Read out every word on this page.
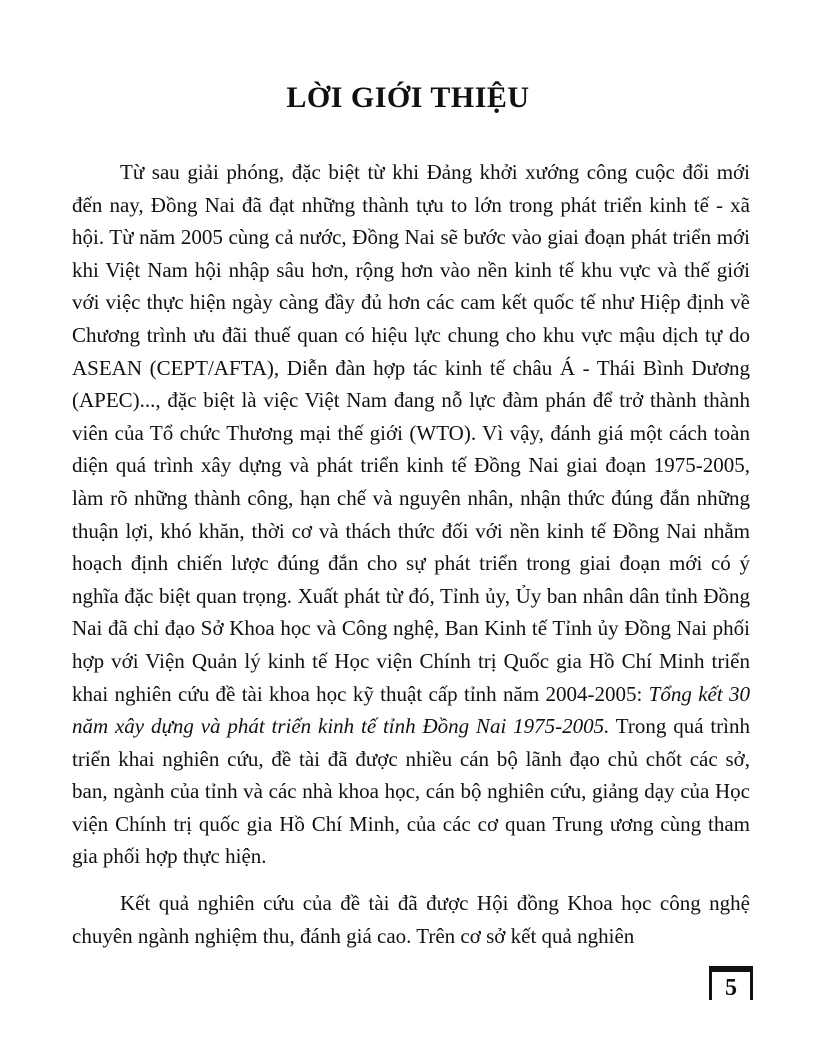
LỜI GIỚI THIỆU

Từ sau giải phóng, đặc biệt từ khi Đảng khởi xướng công cuộc đổi mới đến nay, Đồng Nai đã đạt những thành tựu to lớn trong phát triển kinh tế - xã hội. Từ năm 2005 cùng cả nước, Đồng Nai sẽ bước vào giai đoạn phát triển mới khi Việt Nam hội nhập sâu hơn, rộng hơn vào nền kinh tế khu vực và thế giới với việc thực hiện ngày càng đầy đủ hơn các cam kết quốc tế như Hiệp định về Chương trình ưu đãi thuế quan có hiệu lực chung cho khu vực mậu dịch tự do ASEAN (CEPT/AFTA), Diễn đàn hợp tác kinh tế châu Á - Thái Bình Dương (APEC)..., đặc biệt là việc Việt Nam đang nỗ lực đàm phán để trở thành thành viên của Tổ chức Thương mại thế giới (WTO). Vì vậy, đánh giá một cách toàn diện quá trình xây dựng và phát triển kinh tế Đồng Nai giai đoạn 1975-2005, làm rõ những thành công, hạn chế và nguyên nhân, nhận thức đúng đắn những thuận lợi, khó khăn, thời cơ và thách thức đối với nền kinh tế Đồng Nai nhằm hoạch định chiến lược đúng đắn cho sự phát triển trong giai đoạn mới có ý nghĩa đặc biệt quan trọng. Xuất phát từ đó, Tỉnh ủy, Ủy ban nhân dân tỉnh Đồng Nai đã chỉ đạo Sở Khoa học và Công nghệ, Ban Kinh tế Tỉnh ủy Đồng Nai phối hợp với Viện Quản lý kinh tế Học viện Chính trị Quốc gia Hồ Chí Minh triển khai nghiên cứu đề tài khoa học kỹ thuật cấp tỉnh năm 2004-2005: Tổng kết 30 năm xây dựng và phát triển kinh tế tỉnh Đồng Nai 1975-2005. Trong quá trình triển khai nghiên cứu, đề tài đã được nhiều cán bộ lãnh đạo chủ chốt các sở, ban, ngành của tỉnh và các nhà khoa học, cán bộ nghiên cứu, giảng dạy của Học viện Chính trị quốc gia Hồ Chí Minh, của các cơ quan Trung ương cùng tham gia phối hợp thực hiện.

Kết quả nghiên cứu của đề tài đã được Hội đồng Khoa học công nghệ chuyên ngành nghiệm thu, đánh giá cao. Trên cơ sở kết quả nghiên

5
